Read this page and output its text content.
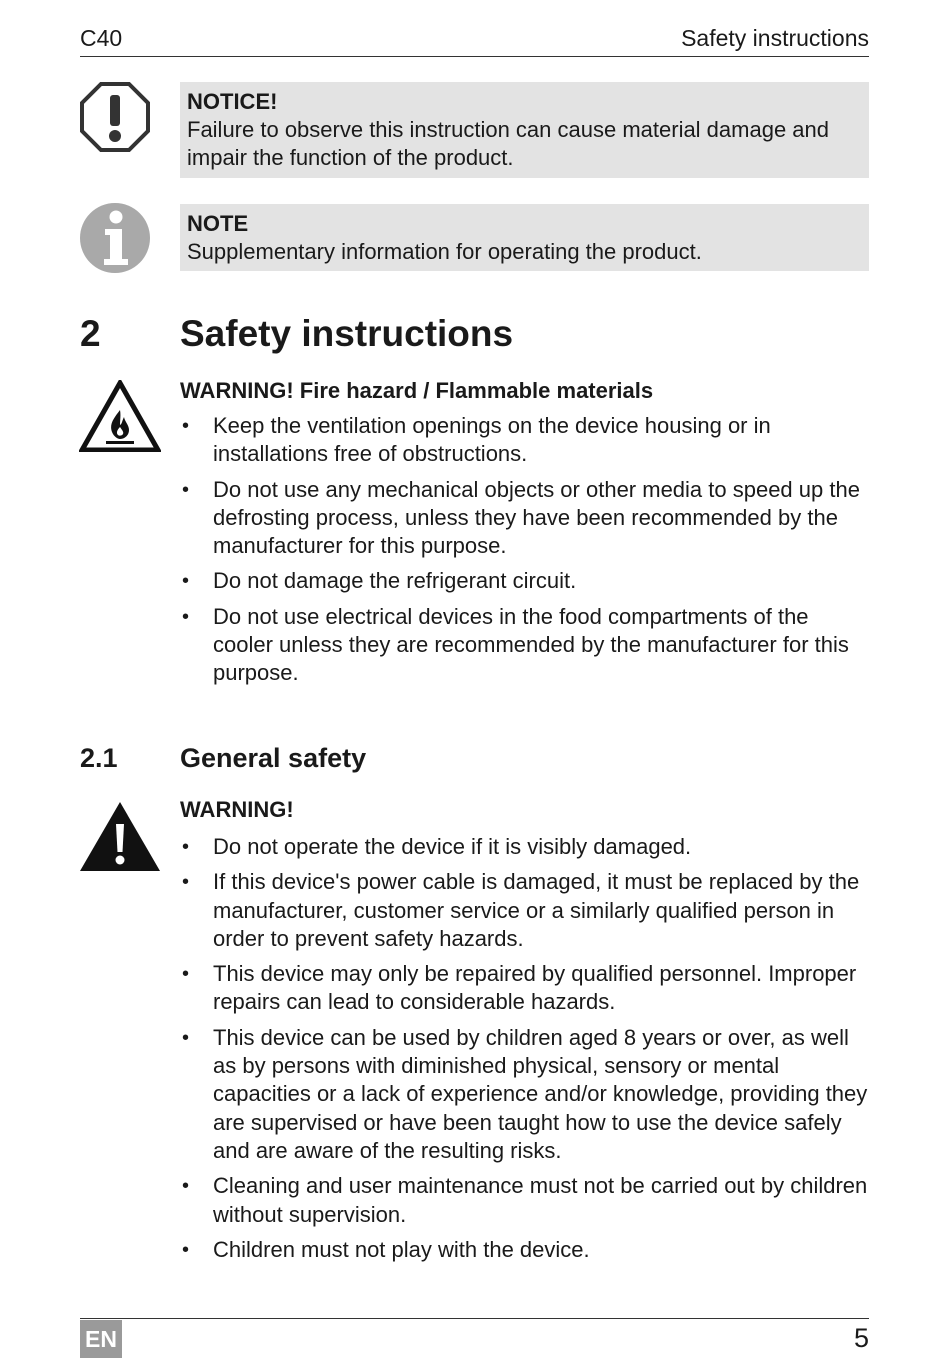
C40	Safety instructions
NOTICE!
Failure to observe this instruction can cause material damage and impair the function of the product.
NOTE
Supplementary information for operating the product.
2 Safety instructions
WARNING! Fire hazard / Flammable materials
• Keep the ventilation openings on the device housing or in installations free of obstructions.
• Do not use any mechanical objects or other media to speed up the defrosting process, unless they have been recommended by the manufacturer for this purpose.
• Do not damage the refrigerant circuit.
• Do not use electrical devices in the food compartments of the cooler unless they are recommended by the manufacturer for this purpose.
2.1 General safety
WARNING!
• Do not operate the device if it is visibly damaged.
• If this device's power cable is damaged, it must be replaced by the manufacturer, customer service or a similarly qualified person in order to prevent safety hazards.
• This device may only be repaired by qualified personnel. Improper repairs can lead to considerable hazards.
• This device can be used by children aged 8 years or over, as well as by persons with diminished physical, sensory or mental capacities or a lack of experience and/or knowledge, providing they are supervised or have been taught how to use the device safely and are aware of the resulting risks.
• Cleaning and user maintenance must not be carried out by children without supervision.
• Children must not play with the device.
EN	5
